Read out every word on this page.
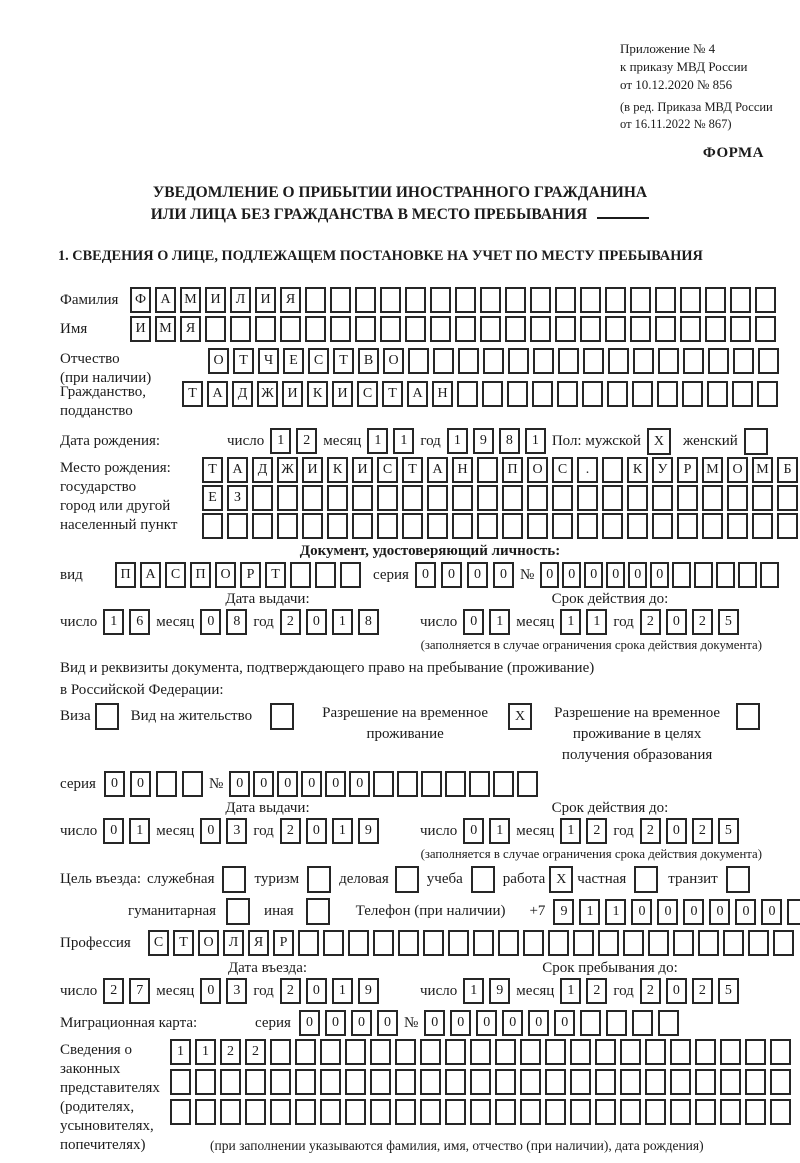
Приложение № 4
к приказу МВД России
от 10.12.2020 № 856
(в ред. Приказа МВД России
от 16.11.2022 № 867)
ФОРМА
УВЕДОМЛЕНИЕ О ПРИБЫТИИ ИНОСТРАННОГО ГРАЖДАНИНА
ИЛИ ЛИЦА БЕЗ ГРАЖДАНСТВА В МЕСТО ПРЕБЫВАНИЯ
1. СВЕДЕНИЯ О ЛИЦЕ, ПОДЛЕЖАЩЕМ ПОСТАНОВКЕ НА УЧЕТ ПО МЕСТУ ПРЕБЫВАНИЯ
Фамилия	Ф	А М И	Л	И	Я
Имя	И М	Я
Отчество
(при наличии)
О	Т	Ч	Е	С	Т	В	О
Гражданство,
подданство
Т	А	Д Ж И	К	И	С	Т	А	Н
Дата рождения:	число 1	2 месяц 1	1 год 1	9	8	1 Пол: мужской X	женский
Место рождения:
государство
город или другой
населенный пункт
Т	А	Д Ж И	К	И	С	Т	А	Н	П	О	С	.	К	У	Р	М О М	Б
Е	З
Документ, удостоверяющий личность:
вид	П	А	С	П	О	Р	Т	серия 0	0	0	0 № 0	0	0	0	0	0
Дата выдачи:
число 1	6 месяц 0	8 год 2	0	1	8
Срок действия до:
число 0	1 месяц 1	1 год 2	0	2	5
(заполняется в случае ограничения срока действия документа)
Вид и реквизиты документа, подтверждающего право на пребывание (проживание)
в Российской Федерации:
Виза	Вид на жительство	Разрешение на временное
проживание
X	Разрешение на временное
проживание в целях
получения образования
серия	0	0	№ 0	0	0	0	0	0
Дата выдачи:
число 0	1 месяц 0	3 год 2	0	1	9
Срок действия до:
число 0	1 месяц 1	2 год 2	0	2	5
(заполняется в случае ограничения срока действия документа)
Цель въезда: служебная	туризм	деловая	учеба	работа X частная	транзит
гуманитарная	иная	Телефон (при наличии) +7	9	1	1	0	0	0	0	0	0
Профессия	С	Т	О	Л	Я	Р
Дата въезда:
число 2	7 месяц 0	3 год 2	0	1	9
Срок пребывания до:
число 1	9 месяц 1	2 год 2	0	2	5
Миграционная карта:	серия	0	0	0	0 № 0	0	0	0	0	0
Сведения о
законных
представителях
(родителях,
усыновителях,
попечителях)
1	1	2	2
(при заполнении указываются фамилия, имя, отчество (при наличии), дата рождения)
